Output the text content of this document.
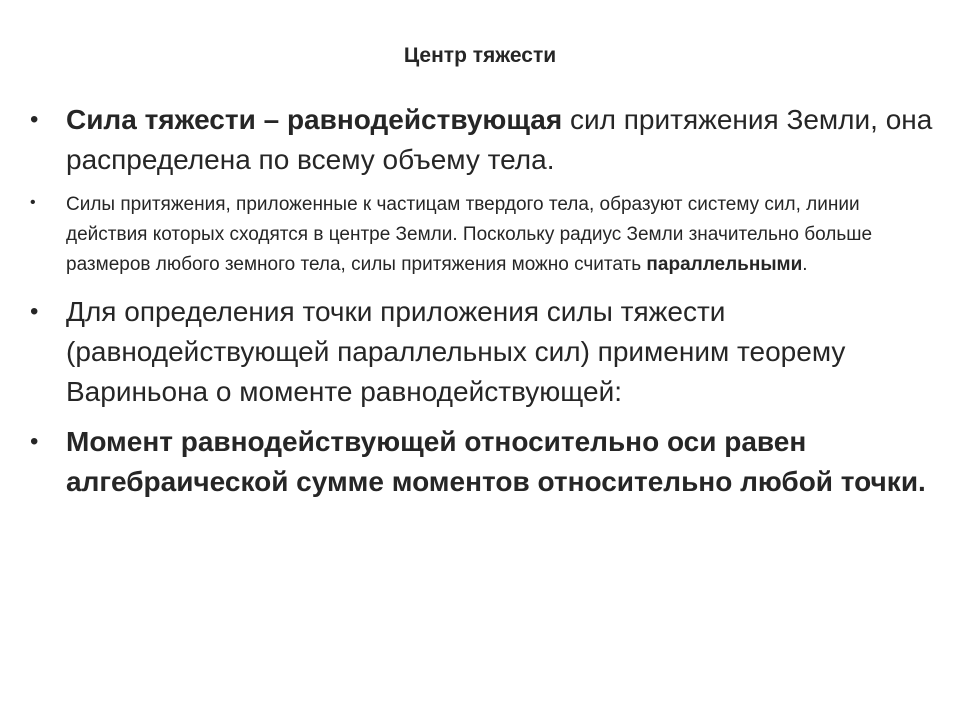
Центр тяжести
• Сила тяжести – равнодействующая сил притяжения Земли, она распределена по всему объему тела.
• Силы притяжения, приложенные к частицам твердого тела, образуют систему сил, линии действия которых сходятся в центре Земли. Поскольку радиус Земли значительно больше размеров любого земного тела, силы притяжения можно считать параллельными.
• Для определения точки приложения силы тяжести (равнодействующей параллельных сил) применим теорему Вариньона о моменте равнодействующей:
• Момент равнодействующей относительно оси равен алгебраической сумме моментов относительно любой точки.
